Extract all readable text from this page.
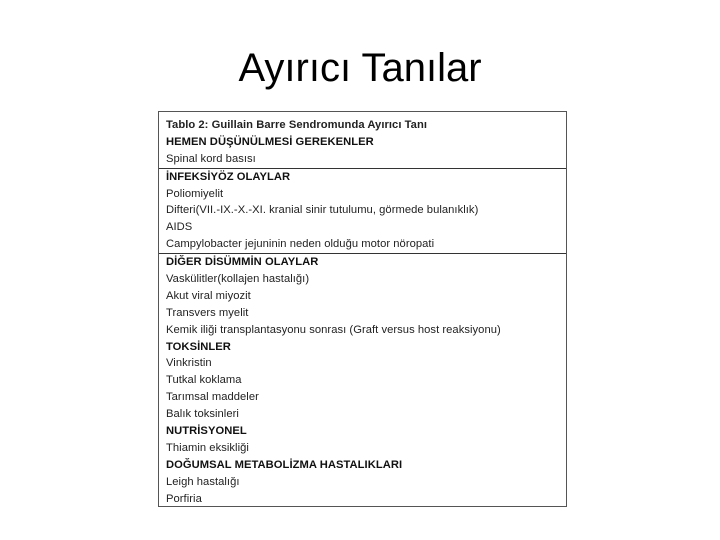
Ayırıcı Tanılar
Tablo 2: Guillain Barre Sendromunda Ayırıcı Tanı
HEMEN DÜŞÜNÜLMESİ GEREKENLER
Spinal kord basısı
İNFEKSİYÖZ OLAYLAR
Poliomiyelit
Difteri(VII.-IX.-X.-XI. kranial sinir tutulumu, görmede bulanıklık)
AIDS
Campylobacter jejuninin neden olduğu motor nöropati
DİĞER DİSÜMMİN OLAYLAR
Vaskülitler(kollajen hastalığı)
Akut viral miyozit
Transvers myelit
Kemik iliği transplantasyonu sonrası (Graft versus host reaksiyonu)
TOKSİNLER
Vinkristin
Tutkal koklama
Tarımsal maddeler
Balık toksinleri
NUTRİSYONEL
Thiamin eksikliği
DOĞUMSAL METABOLİZMA HASTALIKLARI
Leigh hastalığı
Porfiria
